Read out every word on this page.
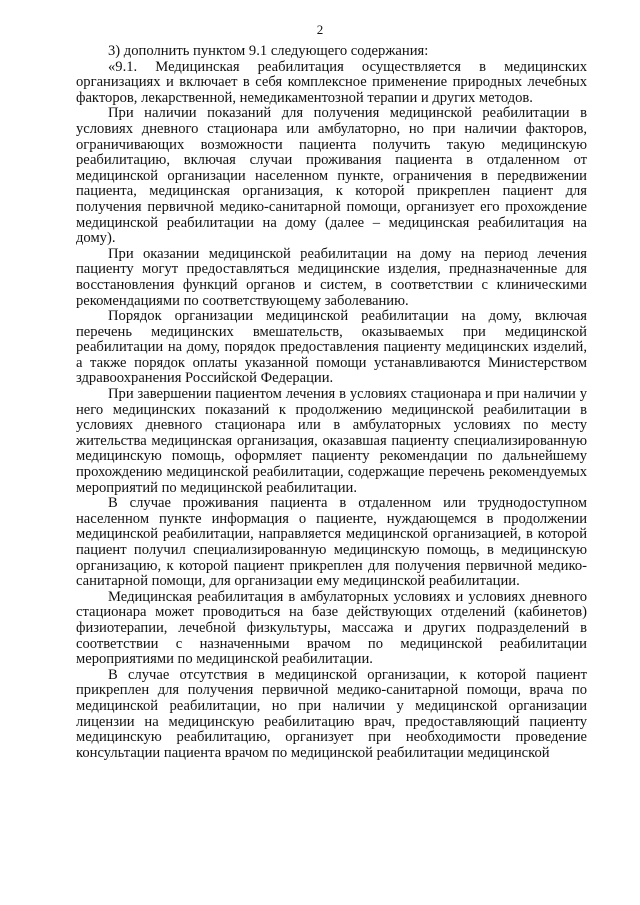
2

3) дополнить пунктом 9.1 следующего содержания:

«9.1. Медицинская реабилитация осуществляется в медицинских организациях и включает в себя комплексное применение природных лечебных факторов, лекарственной, немедикаментозной терапии и других методов.

При наличии показаний для получения медицинской реабилитации в условиях дневного стационара или амбулаторно, но при наличии факторов, ограничивающих возможности пациента получить такую медицинскую реабилитацию, включая случаи проживания пациента в отдаленном от медицинской организации населенном пункте, ограничения в передвижении пациента, медицинская организация, к которой прикреплен пациент для получения первичной медико-санитарной помощи, организует его прохождение медицинской реабилитации на дому (далее – медицинская реабилитация на дому).

При оказании медицинской реабилитации на дому на период лечения пациенту могут предоставляться медицинские изделия, предназначенные для восстановления функций органов и систем, в соответствии с клиническими рекомендациями по соответствующему заболеванию.

Порядок организации медицинской реабилитации на дому, включая перечень медицинских вмешательств, оказываемых при медицинской реабилитации на дому, порядок предоставления пациенту медицинских изделий, а также порядок оплаты указанной помощи устанавливаются Министерством здравоохранения Российской Федерации.

При завершении пациентом лечения в условиях стационара и при наличии у него медицинских показаний к продолжению медицинской реабилитации в условиях дневного стационара или в амбулаторных условиях по месту жительства медицинская организация, оказавшая пациенту специализированную медицинскую помощь, оформляет пациенту рекомендации по дальнейшему прохождению медицинской реабилитации, содержащие перечень рекомендуемых мероприятий по медицинской реабилитации.

В случае проживания пациента в отдаленном или труднодоступном населенном пункте информация о пациенте, нуждающемся в продолжении медицинской реабилитации, направляется медицинской организацией, в которой пациент получил специализированную медицинскую помощь, в медицинскую организацию, к которой пациент прикреплен для получения первичной медико-санитарной помощи, для организации ему медицинской реабилитации.

Медицинская реабилитация в амбулаторных условиях и условиях дневного стационара может проводиться на базе действующих отделений (кабинетов) физиотерапии, лечебной физкультуры, массажа и других подразделений в соответствии с назначенными врачом по медицинской реабилитации мероприятиями по медицинской реабилитации.

В случае отсутствия в медицинской организации, к которой пациент прикреплен для получения первичной медико-санитарной помощи, врача по медицинской реабилитации, но при наличии у медицинской организации лицензии на медицинскую реабилитацию врач, предоставляющий пациенту медицинскую реабилитацию, организует при необходимости проведение консультации пациента врачом по медицинской реабилитации медицинской
